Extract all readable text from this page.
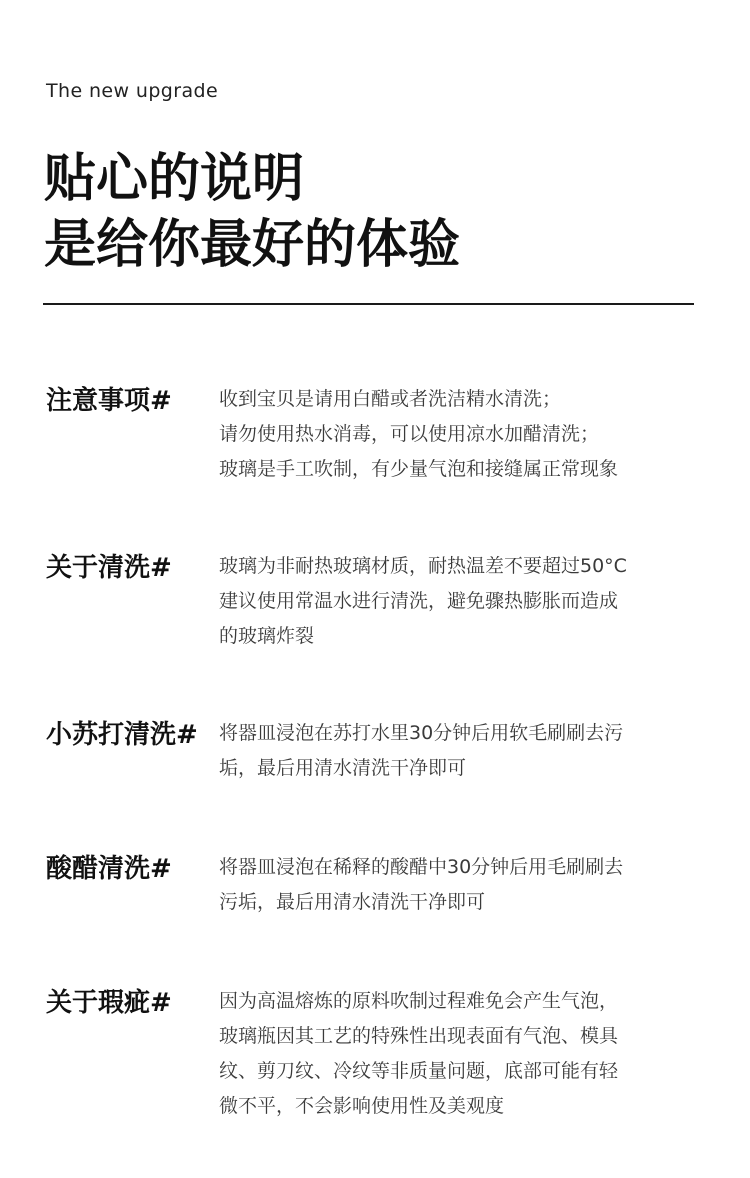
The new upgrade
贴心的说明
是给你最好的体验
注意事项# 收到宝贝是请用白醋或者洗洁精水清洗；
请勿使用热水消毒，可以使用凉水加醋清洗；
玻璃是手工吹制，有少量气泡和接缝属正常现象
关于清洗# 玻璃为非耐热玻璃材质，耐热温差不要超过50°C
建议使用常温水进行清洗，避免骤热膨胀而造成
的玻璃炸裂
小苏打清洗# 将器皿浸泡在苏打水里30分钟后用软毛刷刷去污
垢，最后用清水清洗干净即可
酸醋清洗# 将器皿浸泡在稀释的酸醋中30分钟后用毛刷刷去
污垢，最后用清水清洗干净即可
关于瑕疵# 因为高温熔炼的原料吹制过程难免会产生气泡，
玻璃瓶因其工艺的特殊性出现表面有气泡、模具
纹、剪刀纹、冷纹等非质量问题，底部可能有轻
微不平，不会影响使用性及美观度
